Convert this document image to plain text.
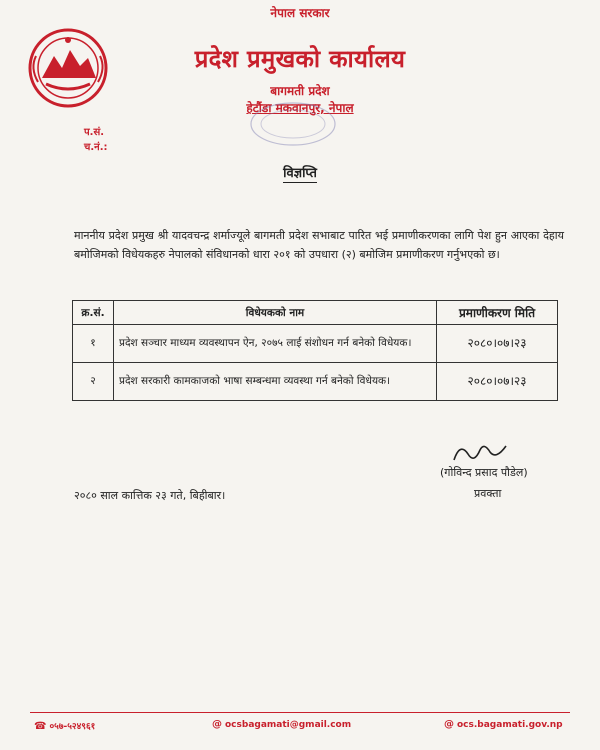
नेपाल सरकार
प्रदेश प्रमुखको कार्यालय
बागमती प्रदेश
हेटौंडा मकवानपुर, नेपाल
प.सं.
च.नं.:
विज्ञप्ति
माननीय प्रदेश प्रमुख श्री यादवचन्द्र शर्माज्यूले बागमती प्रदेश सभाबाट पारित भई प्रमाणीकरणका लागि पेश हुन आएका देहाय बमोजिमको विधेयकहरु नेपालको संविधानको धारा २०१ को उपधारा (२) बमोजिम प्रमाणीकरण गर्नुभएको छ।
क्र.सं.	विधेयकको नाम	प्रमाणीकरण मिति
१	प्रदेश सञ्चार माध्यम व्यवस्थापन ऐन, २०७५ लाई संशोधन गर्न बनेको विधेयक।	२०८०।०७।२३
२	प्रदेश सरकारी कामकाजको भाषा सम्बन्धमा व्यवस्था गर्न बनेको विधेयक।	२०८०।०७।२३
(गोविन्द प्रसाद पौडेल)
प्रवक्ता
२०८० साल कात्तिक २३ गते, बिहीबार।
☎ ०५७-५२४९६१	@ ocsbagamati@gmail.com	@ ocs.bagamati.gov.np
